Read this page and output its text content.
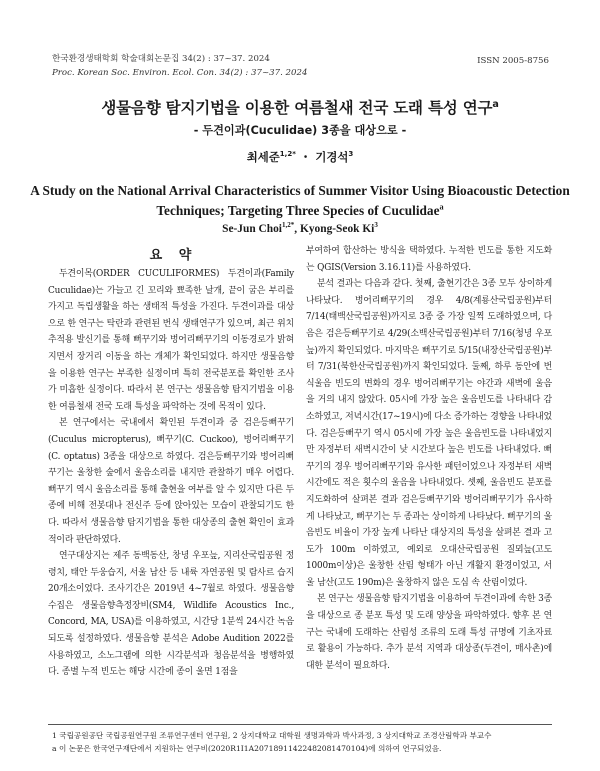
한국환경생태학회 학술대회논문집 34(2) : 37~37. 2024
Proc. Korean Soc. Environ. Ecol. Con. 34(2) : 37~37. 2024
ISSN 2005-8756
생물음향 탐지기법을 이용한 여름철새 전국 도래 특성 연구$^a$
- 두견이과(Cuculidae) 3종을 대상으로 -
최세준$^{1,2*}$ ・ 기경석$^3$
A Study on the National Arrival Characteristics of Summer Visitor Using Bioacoustic Detection
Techniques; Targeting Three Species of Cuculidae$^a$
Se-Jun Choi$^{1,2*}$, Kyong-Seok Ki$^3$
요 약

두견이목(ORDER CUCULIFORMES) 두견이과(Family Cuculidae)는 가늘고 긴 꼬리와 뾰족한 날개, 끝이 굽은 부리를 가지고 독립생활을 하는 생태적 특성을 가진다. 두견이과를 대상으로 한 연구는 탁란과 관련된 번식 생태연구가 있으며, 최근 위치추적용 발신기를 통해 뻐꾸기와 벙어리뻐꾸기의 이동경로가 밝혀지면서 장거리 이동을 하는 개체가 확인되었다. 하지만 생물음향을 이용한 연구는 부족한 실정이며 특히 전국분포를 확인한 조사가 미흡한 실정이다. 따라서 본 연구는 생물음향 탐지기법을 이용한 여름철새 전국 도래 특성을 파악하는 것에 목적이 있다.

본 연구에서는 국내에서 확인된 두견이과 중 검은등뻐꾸기(Cuculus micropterus), 뻐꾸기(C. Cuckoo), 벙어리뻐꾸기(C. optatus) 3종을 대상으로 하였다. 검은등뻐꾸기와 벙어리뻐꾸기는 울창한 숲에서 울음소리를 내지만 관찰하기 매우 어렵다. 뻐꾸기 역시 울음소리를 통해 출현을 여부를 알 수 있지만 다른 두 종에 비해 전봇대나 전신주 등에 앉아있는 모습이 관찰되기도 한다. 따라서 생물음향 탐지기법을 통한 대상종의 출현 확인이 효과적이라 판단하였다.

연구대상지는 제주 동백동산, 창녕 우포늪, 지리산국립공원 정령치, 태안 두웅습지, 서울 남산 등 내륙 자연공원 및 람사르 습지 20개소이었다. 조사기간은 2019년 4~7월로 하였다. 생물음향 수집은 생물음향측정장비(SM4, Wildlife Acoustics Inc., Concord, MA, USA)를 이용하였고, 시간당 1분씩 24시간 녹음되도록 설정하였다. 생물음향 분석은 Adobe Audition 2022를 사용하였고, 소노그램에 의한 시각분석과 청음분석을 병행하였다. 종별 누적 빈도는 해당 시간에 종이 울면 1점을

부여하여 합산하는 방식을 택하였다. 누적한 빈도를 통한 지도화는 QGIS(Version 3.16.11)를 사용하였다.

분석 결과는 다음과 같다. 첫째, 출현기간은 3종 모두 상이하게 나타났다. 벙어리뻐꾸기의 경우 4/8(계룡산국립공원)부터 7/14(태백산국립공원)까지로 3종 중 가장 일찍 도래하였으며, 다음은 검은등뻐꾸기로 4/29(소백산국립공원)부터 7/16(청녕 우포늪)까지 확인되었다. 마지막은 뻐꾸기로 5/15(내장산국립공원)부터 7/31(북한산국립공원)까지 확인되었다. 둘째, 하루 동안에 번식울음 빈도의 변화의 경우 벙어리뻐꾸기는 야간과 새벽에 울음을 거의 내지 않았다. 05시에 가장 높은 울음빈도를 나타내다 감소하였고, 저녁시간(17~19시)에 다소 증가하는 경향을 나타내었다. 검은등뻐꾸기 역시 05시에 가장 높은 울음빈도를 나타내었지만 자정부터 새벽시간이 낮 시간보다 높은 빈도를 나타내었다. 뻐꾸기의 경우 벙어리뻐꾸기와 유사한 패턴이었으나 자정부터 새벽시간에도 적은 횟수의 울음을 나타내었다. 셋째, 울음빈도 분포를 지도화하여 살펴본 결과 검은등뻐꾸기와 벙어리뻐꾸기가 유사하게 나타났고, 뻐꾸기는 두 종과는 상이하게 나타났다. 뻐꾸기의 울음빈도 비율이 가장 높게 나타난 대상지의 특성을 살펴본 결과 고도가 100m 이하였고, 예외로 오대산국립공원 질뫼늪(고도 1000m이상)은 울창한 산림 형태가 아닌 개활지 환경이었고, 서울 남산(고도 190m)은 울창하지 않은 도심 속 산림이었다.

본 연구는 생물음향 탐지기법을 이용하여 두견이과에 속한 3종을 대상으로 종 분포 특성 및 도래 양상을 파악하였다. 향후 본 연구는 국내에 도래하는 산림성 조류의 도래 특성 규명에 기초자료로 활용이 가능하다. 추가 분석 지역과 대상종(두견이, 매사촌)에 대한 분석이 필요하다.

1 국립공원공단 국립공원연구원 조류연구센터 연구원, 2 상지대학교 대학원 생명과학과 박사과정, 3 상지대학교 조경산림학과 부교수
a 이 논문은 한국연구재단에서 지원하는 연구비(2020R1I1A2071891142248208147010​4)에 의하여 연구되었음.
